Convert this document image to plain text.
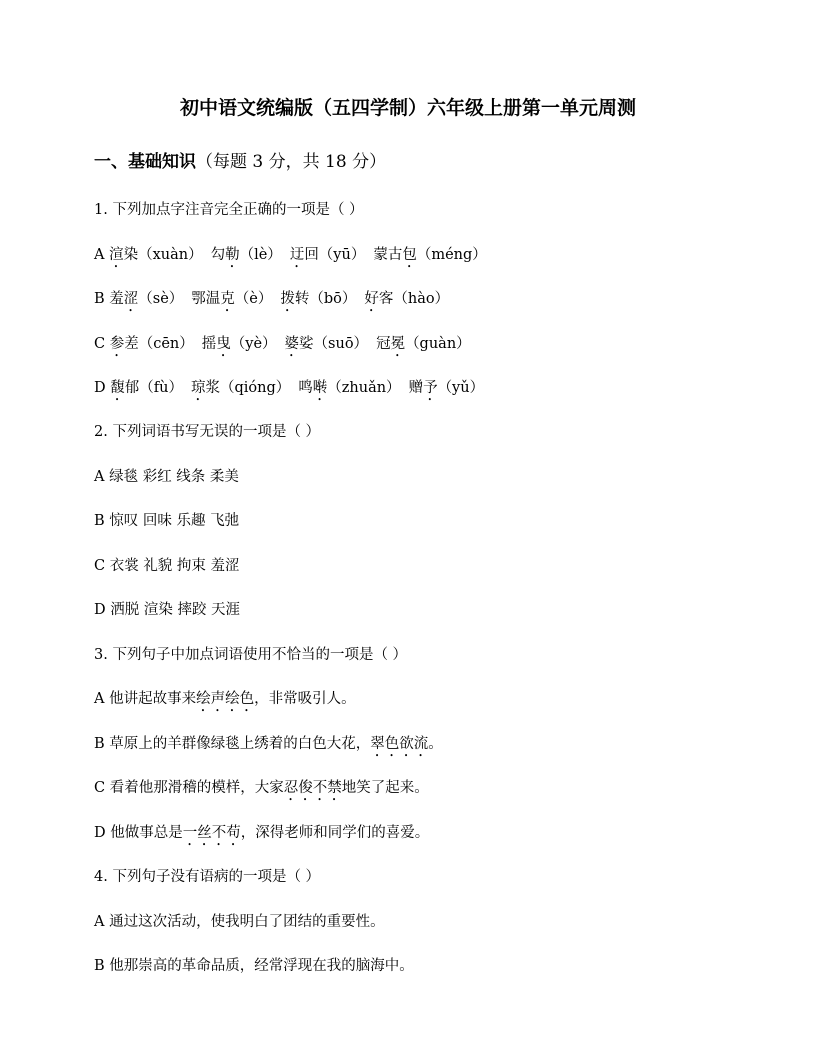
初中语文统编版（五四学制）六年级上册第一单元周测
一、基础知识（每题 3 分，共 18 分）
1. 下列加点字注音完全正确的一项是（ ）
A 渲染（xuàn） 勾勒（lè） 迂回（yū） 蒙古包（méng）
B 羞涩（sè） 鄂温克（è） 拨转（bō） 好客（hào）
C 参差（cēn） 摇曳（yè） 婆娑（suō） 冠冕（guàn）
D 馥郁（fù） 琼浆（qióng） 鸣啭（zhuǎn） 赠予（yǔ）
2. 下列词语书写无误的一项是（ ）
A 绿毯 彩红 线条 柔美
B 惊叹 回味 乐趣 飞弛
C 衣裳 礼貌 拘束 羞涩
D 洒脱 渲染 摔跤 天涯
3. 下列句子中加点词语使用不恰当的一项是（ ）
A 他讲起故事来绘声绘色，非常吸引人。
B 草原上的羊群像绿毯上绣着的白色大花，翠色欲流。
C 看着他那滑稽的模样，大家忍俊不禁地笑了起来。
D 他做事总是一丝不苟，深得老师和同学们的喜爱。
4. 下列句子没有语病的一项是（ ）
A 通过这次活动，使我明白了团结的重要性。
B 他那崇高的革命品质，经常浮现在我的脑海中。
